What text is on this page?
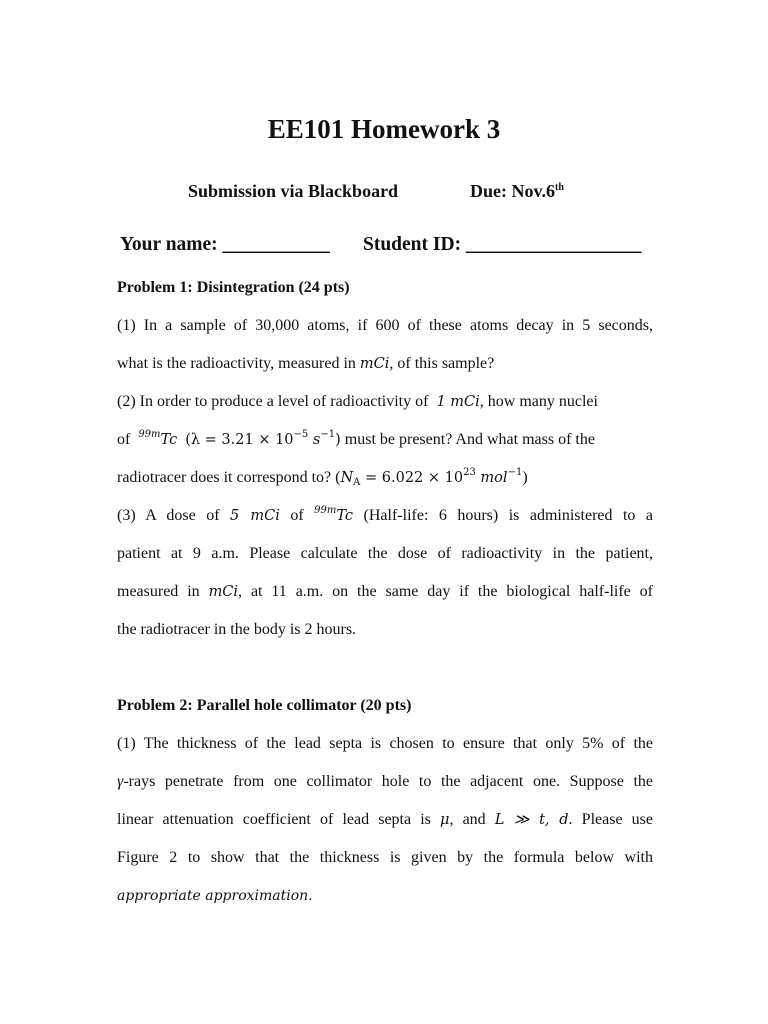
EE101 Homework 3
Submission via Blackboard	Due: Nov.6th
Your name: ___________ Student ID: __________________
Problem 1: Disintegration (24 pts)
(1) In a sample of 30,000 atoms, if 600 of these atoms decay in 5 seconds,
what is the radioactivity, measured in mCi, of this sample?
(2) In order to produce a level of radioactivity of 1 mCi, how many nuclei
of $^{99m}$Tc ($\lambda = 3.21 \times 10^{-5}$ $s^{-1}$) must be present? And what mass of the
radiotracer does it correspond to? ($N_A = 6.022 \times 10^{23}$ mol$^{-1}$)
(3) A dose of 5 mCi of $^{99m}$Tc (Half-life: 6 hours) is administered to a
patient at 9 a.m. Please calculate the dose of radioactivity in the patient,
measured in mCi, at 11 a.m. on the same day if the biological half-life of
the radiotracer in the body is 2 hours.
Problem 2: Parallel hole collimator (20 pts)
(1) The thickness of the lead septa is chosen to ensure that only 5% of the
γ-rays penetrate from one collimator hole to the adjacent one. Suppose the
linear attenuation coefficient of lead septa is μ, and L ≫ t, d. Please use
Figure 2 to show that the thickness is given by the formula below with
appropriate approximation.
